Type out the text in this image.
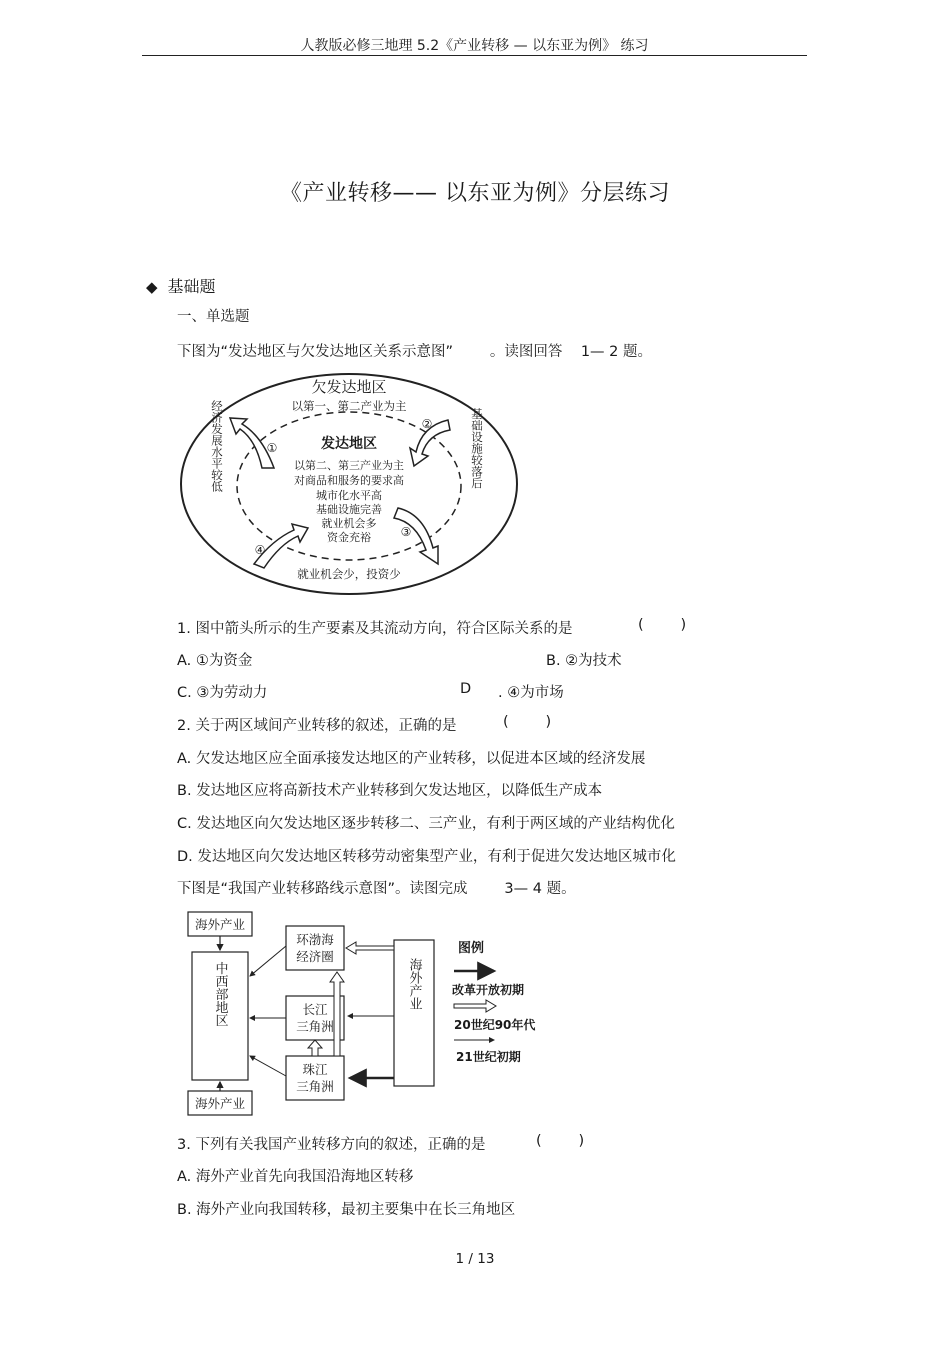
人教版必修三地理 5.2《产业转移 — 以东亚为例》 练习
《产业转移—— 以东亚为例》分层练习
◆ 基础题
一、单选题
下图为“发达地区与欠发达地区关系示意图”        。读图回答    1— 2 题。
欠发达地区
以第一、第二产业为主
发达地区
以第二、第三产业为主
对商品和服务的要求高
城市化水平高
基础设施完善
就业机会多
资金充裕
经济发展水平较低	基础设施较落后
就业机会少，投资少
①
②
③
④
1. 图中箭头所示的生产要素及其流动方向，符合区际关系的是	(        )
A. ①为资金	B. ②为技术
C. ③为劳动力	D . ④为市场
2. 关于两区域间产业转移的叙述，正确的是	(        )
A. 欠发达地区应全面承接发达地区的产业转移，以促进本区域的经济发展
B. 发达地区应将高新技术产业转移到欠发达地区，以降低生产成本
C. 发达地区向欠发达地区逐步转移二、三产业，有利于两区域的产业结构优化
D. 发达地区向欠发达地区转移劳动密集型产业，有利于促进欠发达地区城市化
下图是“我国产业转移路线示意图”。读图完成        3— 4 题。
海外产业
中西部地区
海外产业
环渤海
经济圈
长江
三角洲
珠江
三角洲
海外产业
图例
改革开放初期
20世纪90年代
21世纪初期
3. 下列有关我国产业转移方向的叙述，正确的是	(        )
A. 海外产业首先向我国沿海地区转移
B. 海外产业向我国转移，最初主要集中在长三角地区
1 / 13
